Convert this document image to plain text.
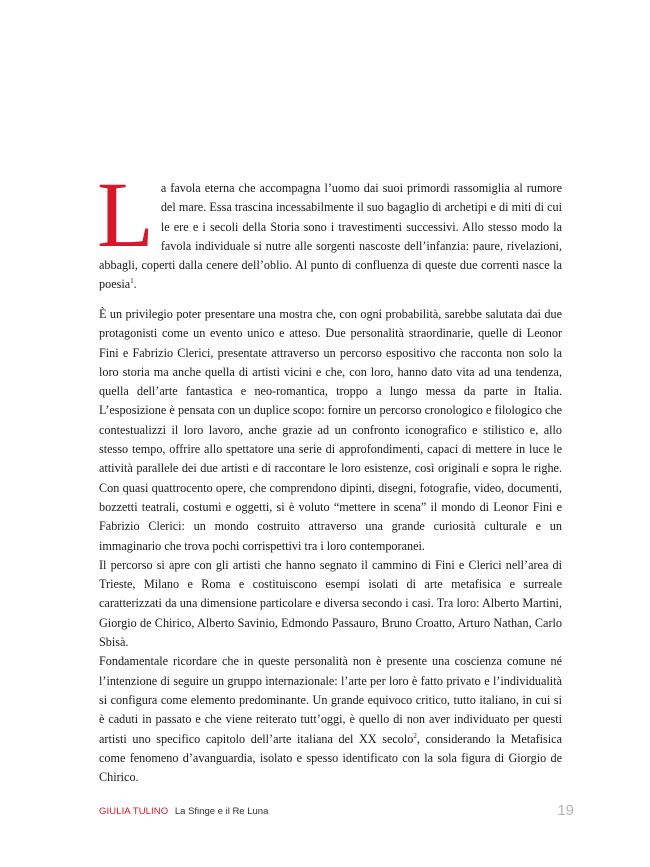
L a favola eterna che accompagna l’uomo dai suoi primordi rassomiglia al rumore del mare. Essa trascina incessabilmente il suo bagaglio di archetipi e di miti di cui le ere e i secoli della Storia sono i travestimenti successivi. Allo stesso modo la favola individuale si nutre alle sorgenti nascoste dell’infanzia: paure, rivelazioni, abbagli, coperti dalla cenere dell’oblio. Al punto di confluenza di queste due correnti nasce la poesia$^1$.

È un privilegio poter presentare una mostra che, con ogni probabilità, sarebbe salutata dai due protagonisti come un evento unico e atteso. Due personalità straordinarie, quelle di Leonor Fini e Fabrizio Clerici, presentate attraverso un percorso espositivo che racconta non solo la loro storia ma anche quella di artisti vicini e che, con loro, hanno dato vita ad una tendenza, quella dell’arte fantastica e neo-romantica, troppo a lungo messa da parte in Italia. L’esposizione è pensata con un duplice scopo: fornire un percorso cronologico e filologico che contestualizzi il loro lavoro, anche grazie ad un confronto iconografico e stilistico e, allo stesso tempo, offrire allo spettatore una serie di approfondimenti, capaci di mettere in luce le attività parallele dei due artisti e di raccontare le loro esistenze, così originali e sopra le righe. Con quasi quattrocento opere, che comprendono dipinti, disegni, fotografie, video, documenti, bozzetti teatrali, costumi e oggetti, si è voluto “mettere in scena” il mondo di Leonor Fini e Fabrizio Clerici: un mondo costruito attraverso una grande curiosità culturale e un immaginario che trova pochi corrispettivi tra i loro contemporanei.

Il percorso si apre con gli artisti che hanno segnato il cammino di Fini e Clerici nell’area di Trieste, Milano e Roma e costituiscono esempi isolati di arte metafisica e surreale caratterizzati da una dimensione particolare e diversa secondo i casi. Tra loro: Alberto Martini, Giorgio de Chirico, Alberto Savinio, Edmondo Passauro, Bruno Croatto, Arturo Nathan, Carlo Sbisà.

Fondamentale ricordare che in queste personalità non è presente una coscienza comune né l’intenzione di seguire un gruppo internazionale: l’arte per loro è fatto privato e l’individualità si configura come elemento predominante. Un grande equivoco critico, tutto italiano, in cui si è caduti in passato e che viene reiterato tutt’oggi, è quello di non aver individuato per questi artisti uno specifico capitolo dell’arte italiana del XX secolo$^2$, considerando la Metafisica come fenomeno d’avanguardia, isolato e spesso identificato con la sola figura di Giorgio de Chirico.

GIULIA TULINO La Sfinge e il Re Luna	19
